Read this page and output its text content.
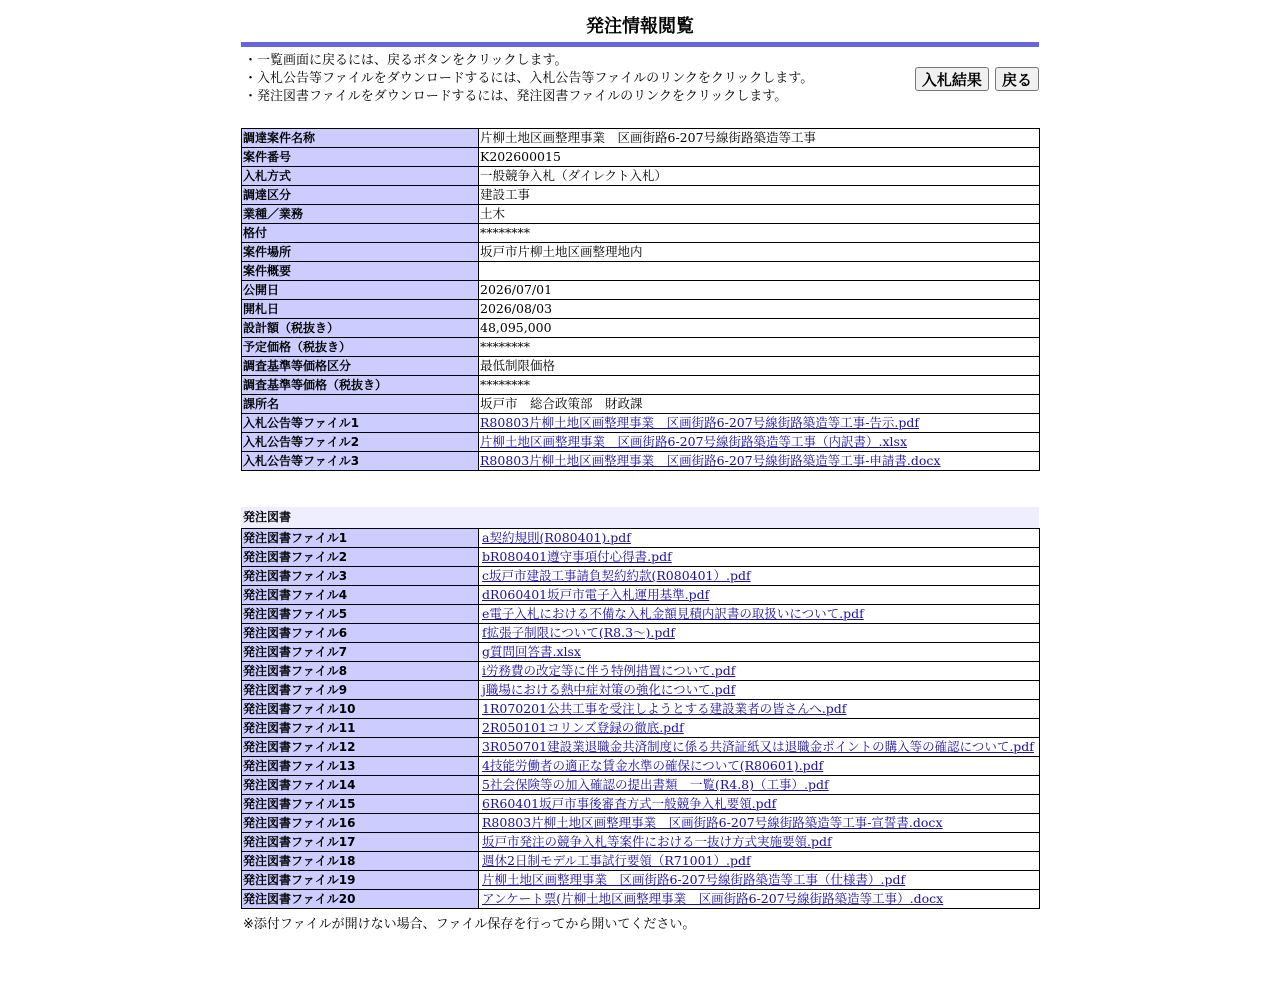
発注情報閲覧
・一覧画面に戻るには、戻るボタンをクリックします。
・入札公告等ファイルをダウンロードするには、入札公告等ファイルのリンクをクリックします。
・発注図書ファイルをダウンロードするには、発注図書ファイルのリンクをクリックします。
入札結果 戻る
調達案件名称	片柳土地区画整理事業　区画街路6-207号線街路築造等工事
案件番号	K202600015
入札方式	一般競争入札（ダイレクト入札）
調達区分	建設工事
業種／業務	土木
格付	********
案件場所	坂戸市片柳土地区画整理地内
案件概要	
公開日	2026/07/01
開札日	2026/08/03
設計額（税抜き）	48,095,000
予定価格（税抜き）	********
調査基準等価格区分	最低制限価格
調査基準等価格（税抜き）	********
課所名	坂戸市　総合政策部　財政課
入札公告等ファイル1	R80803片柳土地区画整理事業　区画街路6-207号線街路築造等工事-告示.pdf
入札公告等ファイル2	片柳土地区画整理事業　区画街路6-207号線街路築造等工事（内訳書）.xlsx
入札公告等ファイル3	R80803片柳土地区画整理事業　区画街路6-207号線街路築造等工事-申請書.docx
発注図書
発注図書ファイル1	a契約規則(R080401).pdf
発注図書ファイル2	bR080401遵守事項付心得書.pdf
発注図書ファイル3	c坂戸市建設工事請負契約約款(R080401）.pdf
発注図書ファイル4	dR060401坂戸市電子入札運用基準.pdf
発注図書ファイル5	e電子入札における不備な入札金額見積内訳書の取扱いについて.pdf
発注図書ファイル6	f拡張子制限について(R8.3～).pdf
発注図書ファイル7	g質問回答書.xlsx
発注図書ファイル8	i労務費の改定等に伴う特例措置について.pdf
発注図書ファイル9	j職場における熱中症対策の強化について.pdf
発注図書ファイル10	1R070201公共工事を受注しようとする建設業者の皆さんへ.pdf
発注図書ファイル11	2R050101コリンズ登録の徹底.pdf
発注図書ファイル12	3R050701建設業退職金共済制度に係る共済証紙又は退職金ポイントの購入等の確認について.pdf
発注図書ファイル13	4技能労働者の適正な賃金水準の確保について(R80601).pdf
発注図書ファイル14	5社会保険等の加入確認の提出書類　一覧(R4.8)（工事）.pdf
発注図書ファイル15	6R60401坂戸市事後審査方式一般競争入札要領.pdf
発注図書ファイル16	R80803片柳土地区画整理事業　区画街路6-207号線街路築造等工事-宣誓書.docx
発注図書ファイル17	坂戸市発注の競争入札等案件における一抜け方式実施要領.pdf
発注図書ファイル18	週休2日制モデル工事試行要領（R71001）.pdf
発注図書ファイル19	片柳土地区画整理事業　区画街路6-207号線街路築造等工事（仕様書）.pdf
発注図書ファイル20	アンケート票(片柳土地区画整理事業　区画街路6-207号線街路築造等工事）.docx
※添付ファイルが開けない場合、ファイル保存を行ってから開いてください。
